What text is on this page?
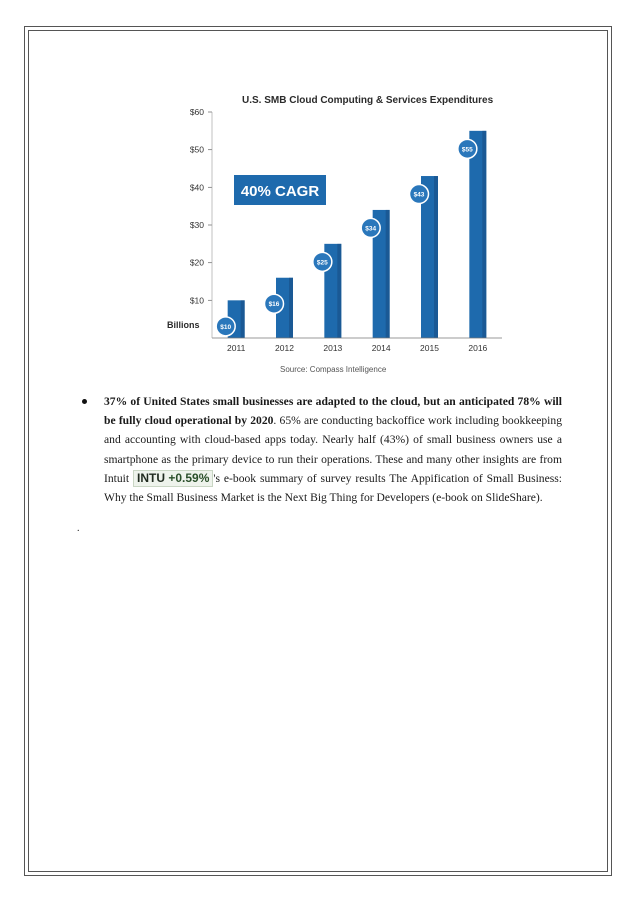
U.S. SMB Cloud Computing & Services Expenditures
$10
$20
$30
$40
$50
$60
$10
$16
$25
$34
$43
$55
2011	2012	2013	2014	2015	2016
Billions
40% CAGR
Source: Compass Intelligence
37% of United States small businesses are adapted to the cloud, but an anticipated 78% will be fully cloud operational by 2020. 65% are conducting backoffice work including bookkeeping and accounting with cloud-based apps today. Nearly half (43%) of small business owners use a smartphone as the primary device to run their operations. These and many other insights are from Intuit INTU +0.59% 's e-book summary of survey results The Appification of Small Business: Why the Small Business Market is the Next Big Thing for Developers (e-book on SlideShare).
.
